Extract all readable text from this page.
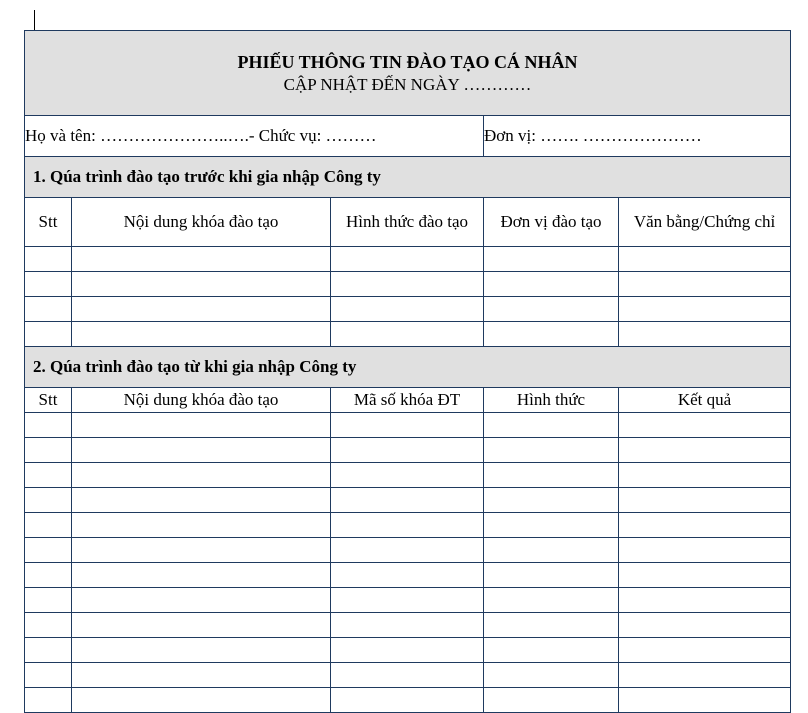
PHIẾU THÔNG TIN ĐÀO TẠO CÁ NHÂN
CẬP NHẬT ĐẾN NGÀY …………				

Họ và tên: …………………..….- Chức vụ: ………			Đơn vị: ……. …………………	
1. Qúa trình đào tạo trước khi gia nhập Công ty				
Stt	Nội dung khóa đào tạo	Hình thức đào tạo	Đơn vị đào tạo	Văn bằng/Chứng chỉ

2. Qúa trình đào tạo từ khi gia nhập Công ty				
Stt	Nội dung khóa đào tạo	Mã số khóa ĐT	Hình thức	Kết quả
